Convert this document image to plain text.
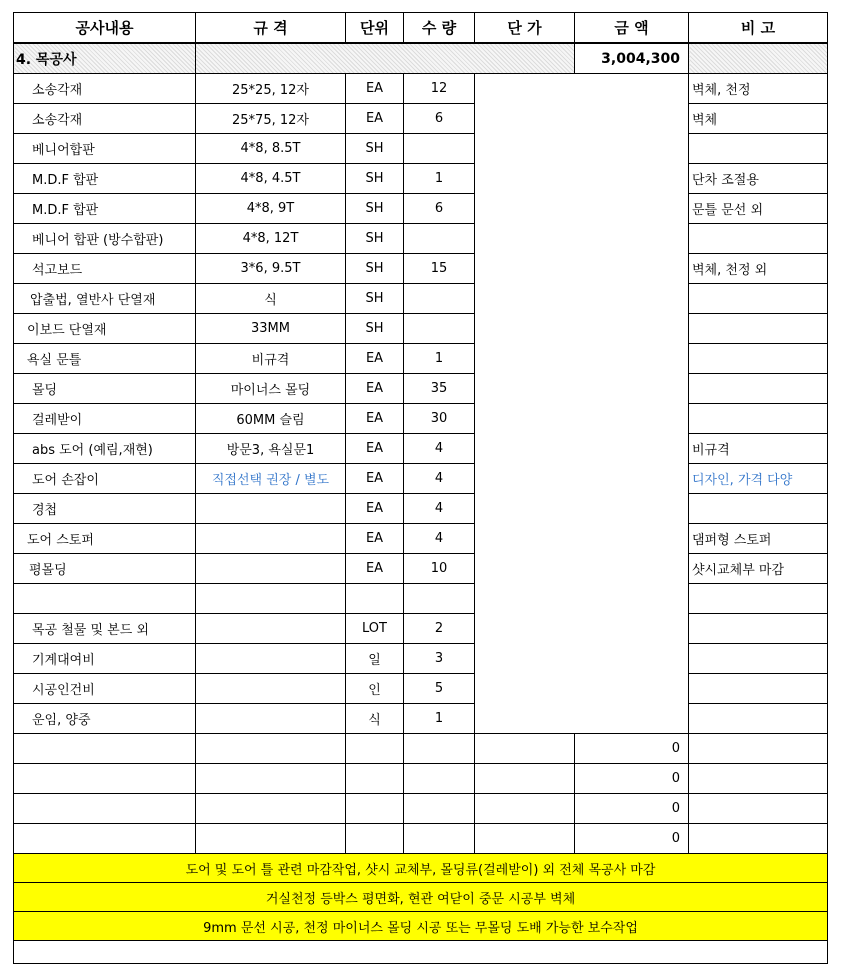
공사내용	규 격	단위	수 량	단 가	금 액	비 고
4. 목공사					3,004,300	
소송각재	25*25, 12자	EA	12			벽체, 천정
소송각재	25*75, 12자	EA	6			벽체
베니어합판	4*8, 8.5T	SH				
M.D.F 합판	4*8, 4.5T	SH	1			단차 조절용
M.D.F 합판	4*8, 9T	SH	6			문틀 문선 외
베니어 합판 (방수합판)	4*8, 12T	SH				
석고보드	3*6, 9.5T	SH	15			벽체, 천정 외
압출법, 열반사 단열재	식	SH				
이보드 단열재	33MM	SH				
욕실 문틀	비규격	EA	1			
몰딩	마이너스 몰딩	EA	35			
걸레받이	60MM 슬림	EA	30			
abs 도어 (예림,재현)	방문3, 욕실문1	EA	4			비규격
도어 손잡이	직접선택 권장 / 별도	EA	4			디자인, 가격 다양
경첩		EA	4			
도어 스토퍼		EA	4			댐퍼형 스토퍼
평몰딩		EA	10			샷시교체부 마감

목공 철물 및 본드 외		LOT	2			
기계대여비		일	3			
시공인건비		인	5			
운임, 양중		식	1			
					0	
					0	
					0	
					0	
도어 및 도어 틀 관련 마감작업, 샷시 교체부, 몰딩류(걸레받이) 외 전체 목공사 마감						
거실천정 등박스 평면화, 현관 여닫이 중문 시공부 벽체						
9mm 문선 시공, 천정 마이너스 몰딩 시공 또는 무몰딩 도배 가능한 보수작업						
